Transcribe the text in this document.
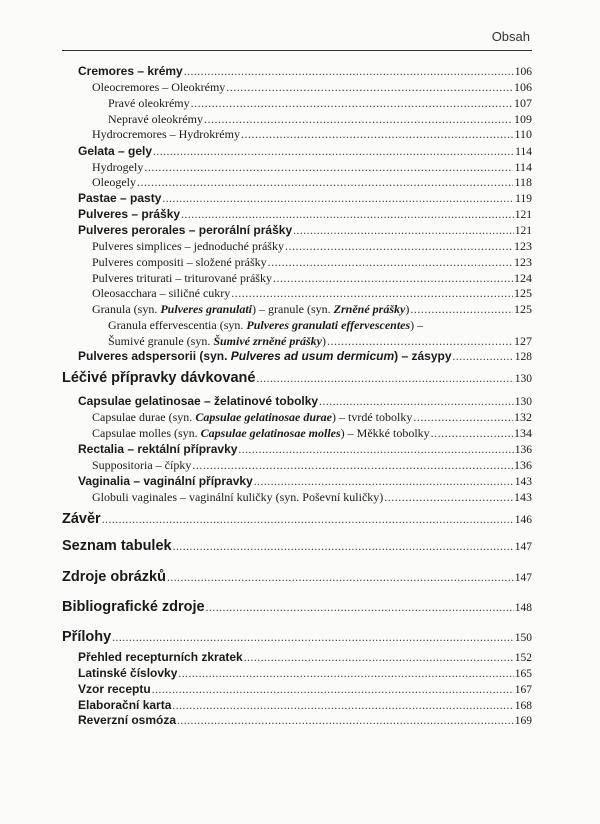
Obsah
Cremores – krémy .....	106
Oleocremores – Oleokrémy .....	106
Pravé oleokrémy .....	107
Nepravé oleokrémy .....	109
Hydrocremores – Hydrokrémy .....	110
Gelata – gely .....	114
Hydrogely .....	114
Oleogely .....	118
Pastae – pasty .....	119
Pulveres – prášky .....	121
Pulveres perorales – perorální prášky .....	121
Pulveres simplices – jednoduché prášky .....	123
Pulveres compositi – složené prášky .....	123
Pulveres triturati – triturované prášky .....	124
Oleosacchara – siličné cukry .....	125
Granula (syn. Pulveres granulati) – granule (syn. Zrněné prášky) .....	125
Granula effervescentia (syn. Pulveres granulati effervescentes) –
Šumivé granule (syn. Šumivé zrněné prášky) .....	127
Pulveres adspersorii (syn. Pulveres ad usum dermicum) – zásypy .....	128
Léčivé přípravky dávkované .....	130
Capsulae gelatinosae – želatinové tobolky .....	130
Capsulae durae (syn. Capsulae gelatinosae durae) – tvrdé tobolky .....	132
Capsulae molles (syn. Capsulae gelatinosae molles) – Měkké tobolky .....	134
Rectalia – rektální přípravky .....	136
Suppositoria – čípky .....	136
Vaginalia – vaginální přípravky .....	143
Globuli vaginales – vaginální kuličky (syn. Poševní kuličky) .....	143
Závěr .....	146
Seznam tabulek .....	147
Zdroje obrázků .....	147
Bibliografické zdroje .....	148
Přílohy .....	150
Přehled recepturních zkratek .....	152
Latinské číslovky .....	165
Vzor receptu .....	167
Elaborační karta .....	168
Reverzní osmóza .....	169
